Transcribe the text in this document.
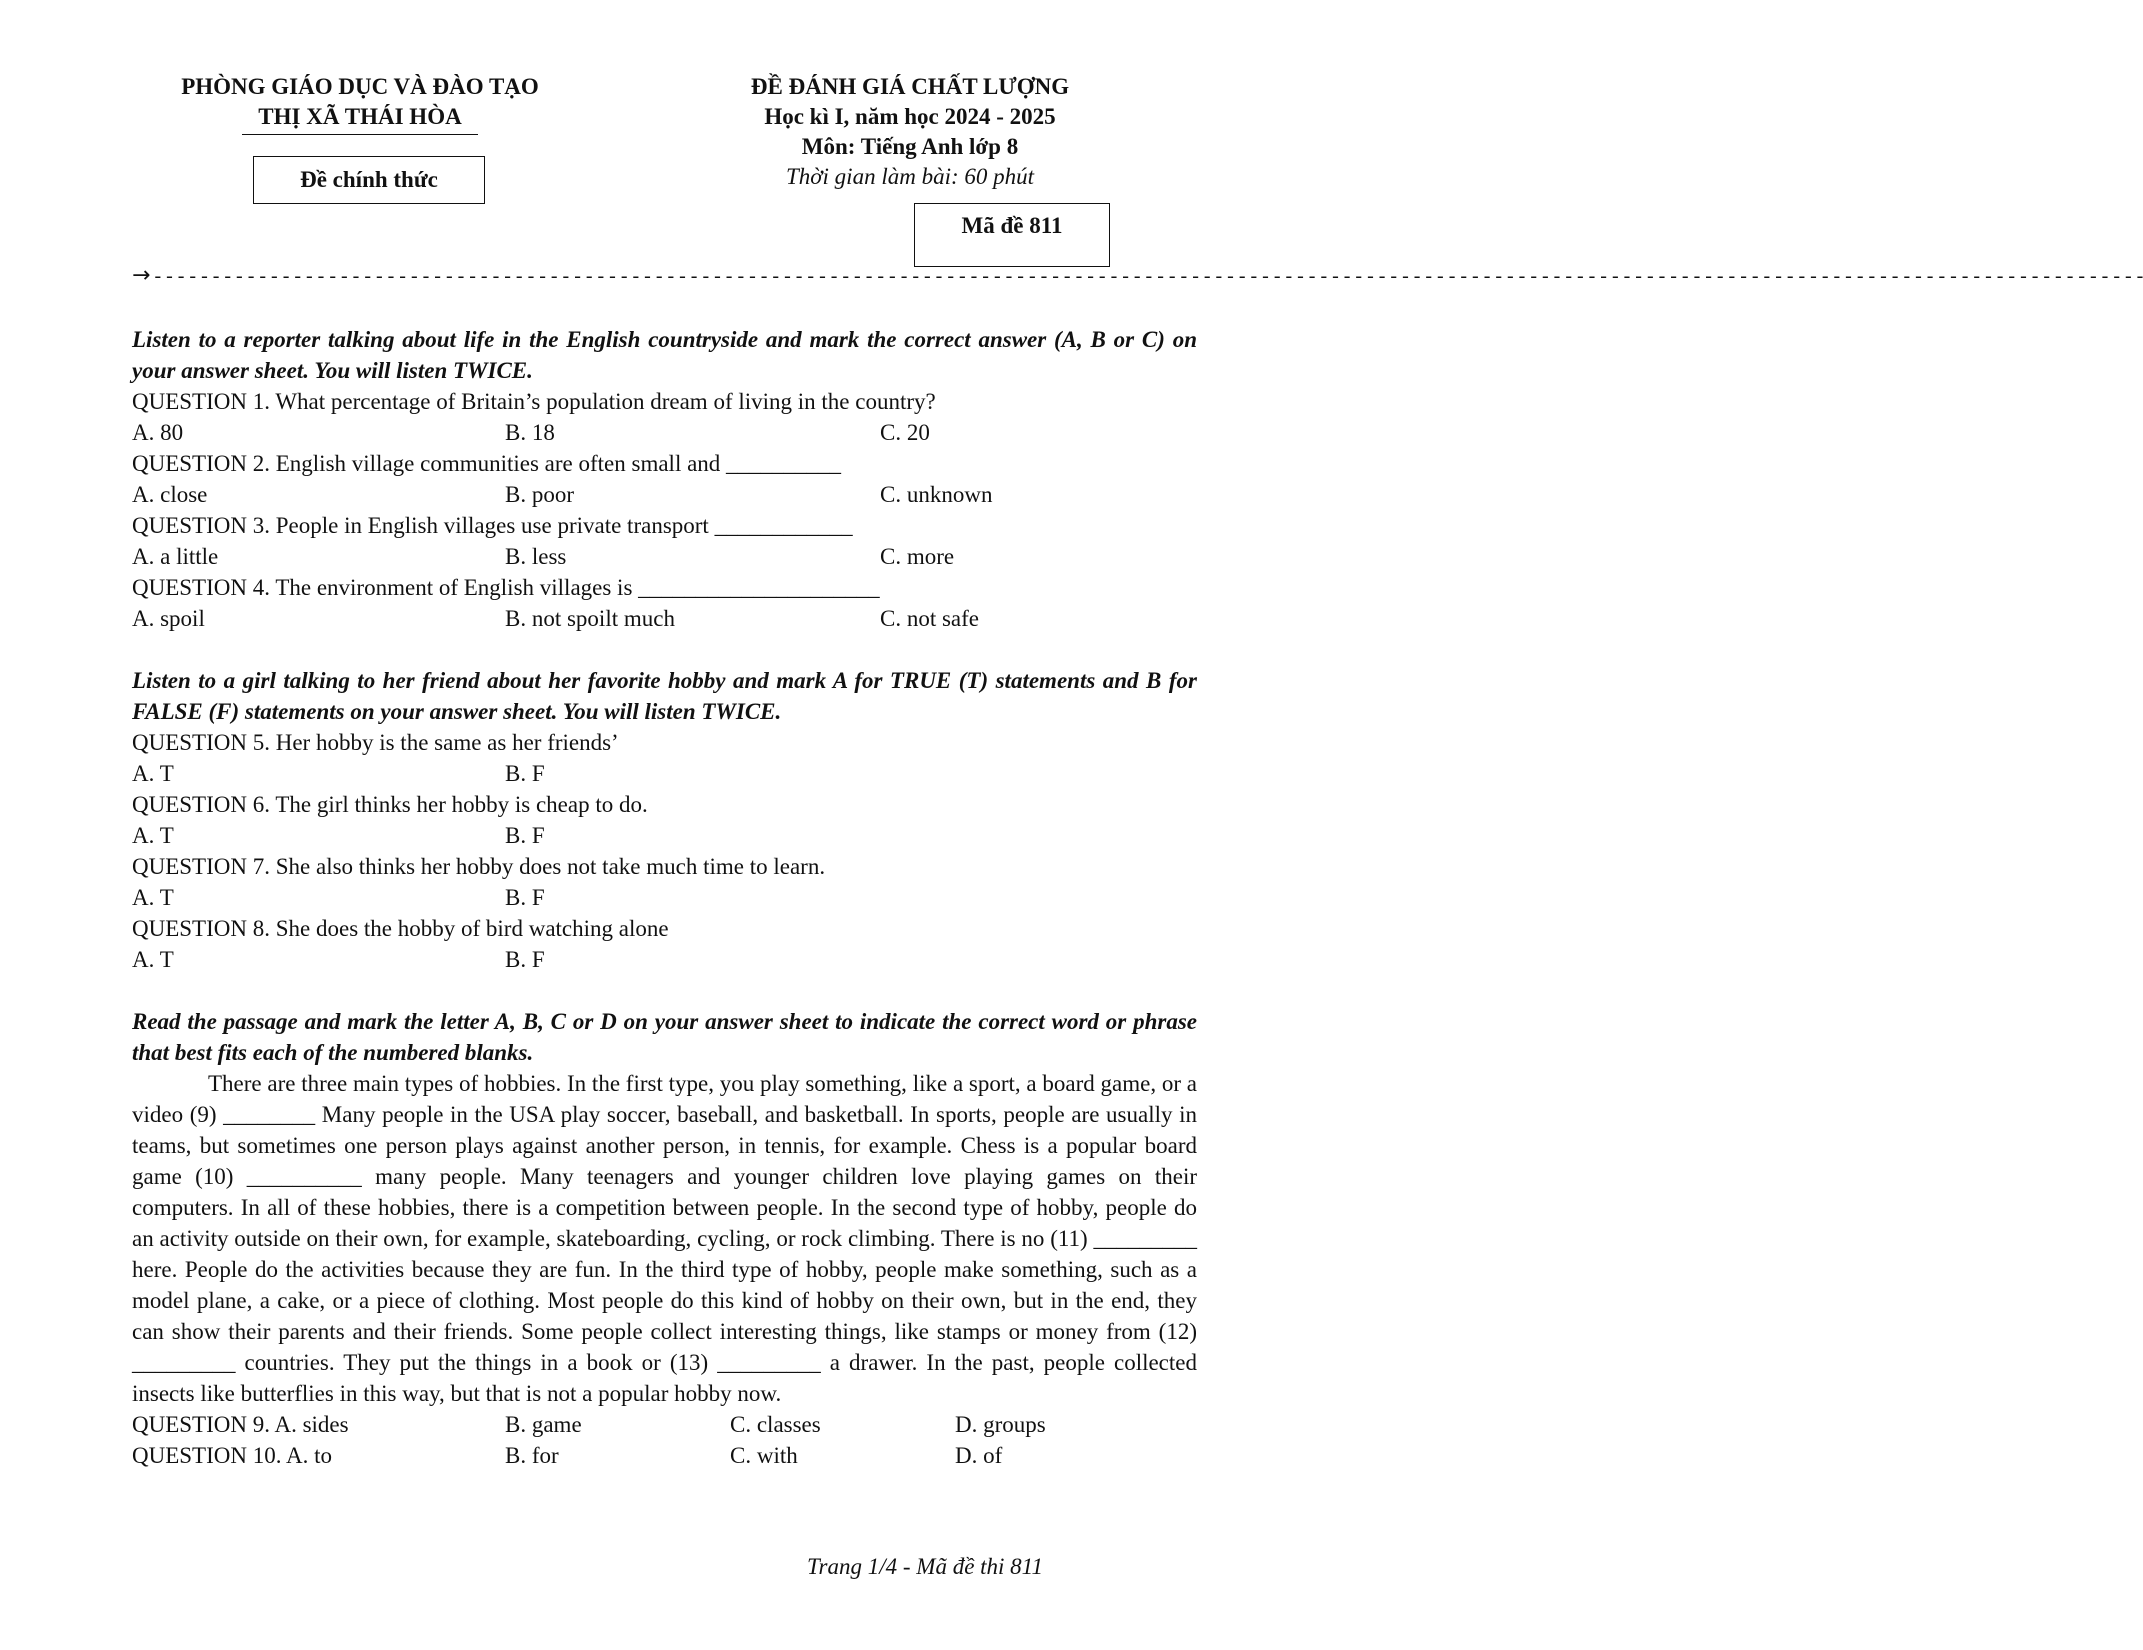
PHÒNG GIÁO DỤC VÀ ĐÀO TẠO
THỊ XÃ THÁI HÒA
Đề chính thức
ĐỀ ĐÁNH GIÁ CHẤT LƯỢNG
Học kì I, năm học 2024 - 2025
Môn: Tiếng Anh lớp 8
Thời gian làm bài: 60 phút
Mã đề 811
→ - - - - - - - - - - - - - - - - - - - - - - - - - - - - - - - - - - - - - - - - - - - - - - - - - - - - - - - - - - - - - - - - - - - - - - - - - - - - - - - - - - - - - - - - - - - - - - - - - - - - - - - - - - - - - - - - - - - - - - - - - - - - - - - - - - - - - - - - - - - - - - - - - - - - - - - - - - - - - - - - - - - - - - - - - - -
Listen to a reporter talking about life in the English countryside and mark the correct answer (A, B or C) on your answer sheet. You will listen TWICE.
QUESTION 1. What percentage of Britain’s population dream of living in the country?
A. 80	B. 18	C. 20
QUESTION 2. English village communities are often small and __________
A. close	B. poor	C. unknown
QUESTION 3. People in English villages use private transport ____________
A. a little	B. less	C. more
QUESTION 4. The environment of English villages is _____________________
A. spoil	B. not spoilt much	C. not safe
Listen to a girl talking to her friend about her favorite hobby and mark A for TRUE (T) statements and B for FALSE (F) statements on your answer sheet. You will listen TWICE.
QUESTION 5. Her hobby is the same as her friends’
A. T	B. F
QUESTION 6. The girl thinks her hobby is cheap to do.
A. T	B. F
QUESTION 7. She also thinks her hobby does not take much time to learn.
A. T	B. F
QUESTION 8. She does the hobby of bird watching alone
A. T	B. F
Read the passage and mark the letter A, B, C or D on your answer sheet to indicate the correct word or phrase that best fits each of the numbered blanks.
There are three main types of hobbies. In the first type, you play something, like a sport, a board game, or a video (9) ________ Many people in the USA play soccer, baseball, and basketball. In sports, people are usually in teams, but sometimes one person plays against another person, in tennis, for example. Chess is a popular board game (10) __________ many people. Many teenagers and younger children love playing games on their computers. In all of these hobbies, there is a competition between people. In the second type of hobby, people do an activity outside on their own, for example, skateboarding, cycling, or rock climbing. There is no (11) _________ here. People do the activities because they are fun. In the third type of hobby, people make something, such as a model plane, a cake, or a piece of clothing. Most people do this kind of hobby on their own, but in the end, they can show their parents and their friends. Some people collect interesting things, like stamps or money from (12) _________ countries. They put the things in a book or (13) _________ a drawer. In the past, people collected insects like butterflies in this way, but that is not a popular hobby now.
QUESTION 9. A. sides	B. game	C. classes	D. groups
QUESTION 10. A. to	B. for	C. with	D. of
Trang 1/4 - Mã đề thi 811
